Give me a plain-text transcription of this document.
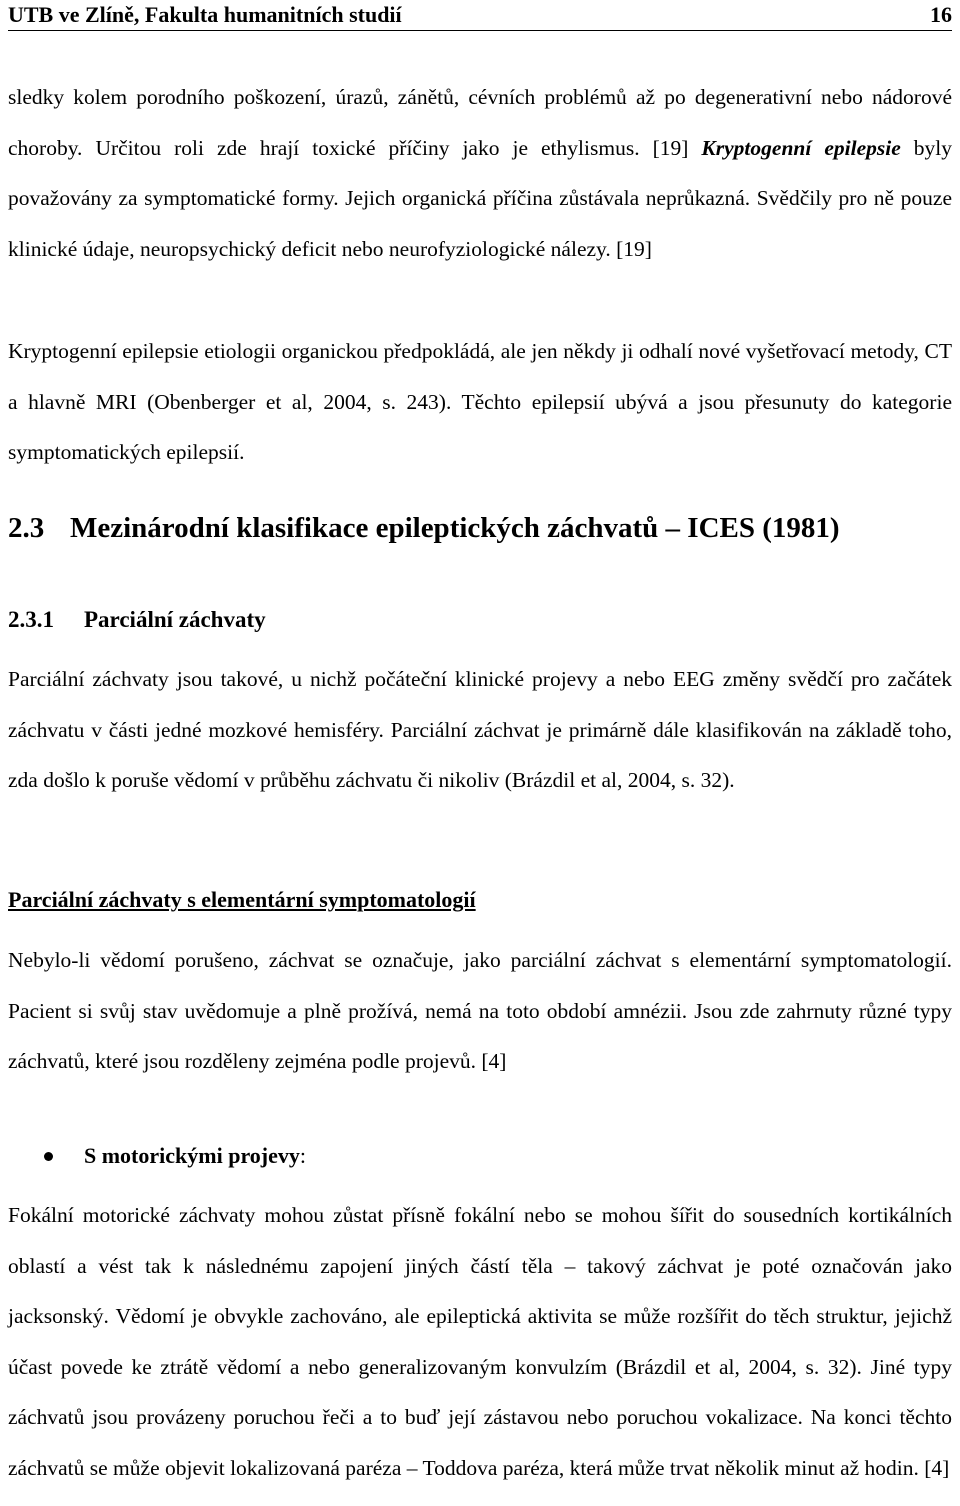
UTB ve Zlíně, Fakulta humanitních studií	16

sledky kolem porodního poškození, úrazů, zánětů, cévních problémů až po degenerativní nebo nádorové choroby. Určitou roli zde hrají toxické příčiny jako je ethylismus. [19] Kryptogenní epilepsie byly považovány za symptomatické formy. Jejich organická příčina zůstávala neprůkazná. Svědčily pro ně pouze klinické údaje, neuropsychický deficit nebo neurofyziologické nálezy. [19]

Kryptogenní epilepsie etiologii organickou předpokládá, ale jen někdy ji odhalí nové vyšetřovací metody, CT a hlavně MRI (Obenberger et al, 2004, s. 243). Těchto epilepsií ubývá a jsou přesunuty do kategorie symptomatických epilepsií.

2.3 Mezinárodní klasifikace epileptických záchvatů – ICES (1981)
2.3.1 Parciální záchvaty

Parciální záchvaty jsou takové, u nichž počáteční klinické projevy a nebo EEG změny svědčí pro začátek záchvatu v části jedné mozkové hemisféry. Parciální záchvat je primárně dále klasifikován na základě toho, zda došlo k poruše vědomí v průběhu záchvatu či nikoliv (Brázdil et al, 2004, s. 32).

Parciální záchvaty s elementární symptomatologií

Nebylo-li vědomí porušeno, záchvat se označuje, jako parciální záchvat s elementární symptomatologií. Pacient si svůj stav uvědomuje a plně prožívá, nemá na toto období amnézii. Jsou zde zahrnuty různé typy záchvatů, které jsou rozděleny zejména podle projevů. [4]

S motorickými projevy :

Fokální motorické záchvaty mohou zůstat přísně fokální nebo se mohou šířit do sousedních kortikálních oblastí a vést tak k následnému zapojení jiných částí těla – takový záchvat je poté označován jako jacksonský. Vědomí je obvykle zachováno, ale epileptická aktivita se může rozšířit do těch struktur, jejichž účast povede ke ztrátě vědomí a nebo generalizovaným konvulzím (Brázdil et al, 2004, s. 32). Jiné typy záchvatů jsou provázeny poruchou řeči a to buď její zástavou nebo poruchou vokalizace. Na konci těchto záchvatů se může objevit lokalizovaná paréza – Toddova paréza, která může trvat několik minut až hodin. [4]
